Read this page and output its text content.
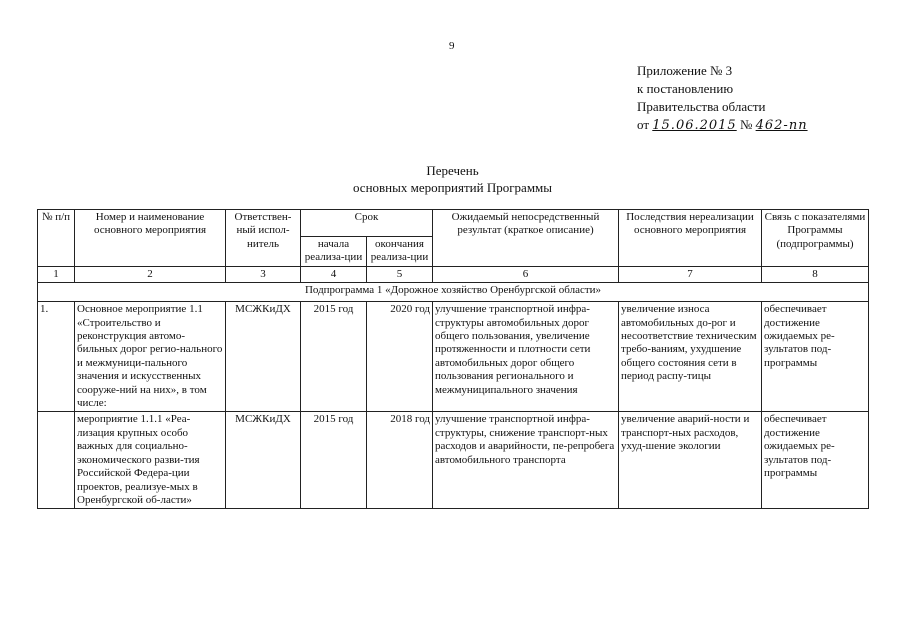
9
Приложение № 3
к постановлению
Правительства области
от 15.06.2015 № 462-пп
Перечень
основных мероприятий Программы
№ п/п	Номер и наименование основного мероприятия	Ответствен-ный испол-нитель	Срок		Ожидаемый непосредственный результат (краткое описание)	Последствия нереализации основного мероприятия	Связь с показателями Программы (подпрограммы)
			начала реализа-ции	окончания реализа-ции			
1	2	3	4	5	6	7	8
Подпрограмма 1 «Дорожное хозяйство Оренбургской области»							
1.	Основное мероприятие 1.1 «Строительство и реконструкция автомо-бильных дорог регио-нального и межмуници-пального значения и искусственных сооруже-ний на них», в том числе:	МСЖКиДХ	2015 год	2020 год	улучшение транспортной инфра-структуры автомобильных дорог общего пользования, увеличение протяженности и плотности сети автомобильных дорог общего пользования регионального и межмуниципального значения	увеличение износа автомобильных до-рог и несоответствие техническим требо-ваниям, ухудшение общего состояния сети в период распу-тицы	обеспечивает достижение ожидаемых ре-зультатов под-программы
	мероприятие 1.1.1 «Реа-лизация крупных особо важных для социально-экономического разви-тия Российской Федера-ции проектов, реализуе-мых в Оренбургской об-ласти»	МСЖКиДХ	2015 год	2018 год	улучшение транспортной инфра-структуры, снижение транспорт-ных расходов и аварийности, пе-репробега автомобильного транспорта	увеличение аварий-ности и транспорт-ных расходов, ухуд-шение экологии	обеспечивает достижение ожидаемых ре-зультатов под-программы
